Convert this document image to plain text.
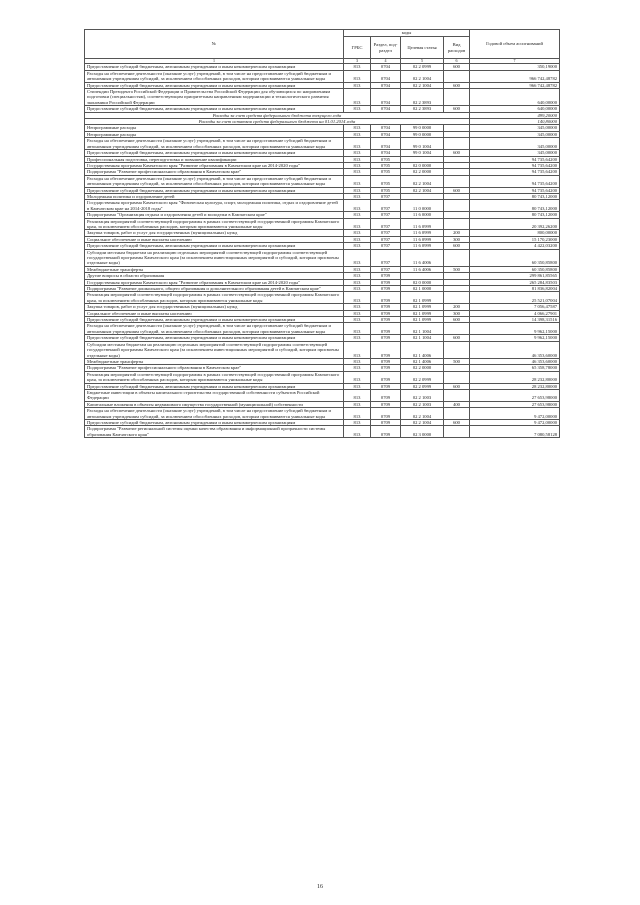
№	коды				Годовой объем ассигнований
	ГРБС	Раздел, под-раздел	Целевая статья	Вид расходов	
1	3	4	5	6	7
Предоставление субсидий бюджетным, автономным учреждениям и иным некоммерческим организациям	813	0704	02 2 0999	600	350,19000
Расходы на обеспечение деятельности (оказание услуг) учреждений, в том числе на предоставление субсидий бюджетным и автономным учреждениям субсидий, за исключением обособленных расходов, которым присваиваются уникальные коды	813	0704	02 2 1004		966 742,48782
Предоставление субсидий бюджетным, автономным учреждениям и иным некоммерческим организациям	813	0704	02 2 1004	600	966 742,48782
Стипендии Президента Российской Федерации и Правительства Российской Федерации для обучающихся по направлениям подготовки (специальностям), соответствующим приоритетным направлениям модернизации и технологического развития экономики Российской Федерации	813	0704	02 2 3893		640,00000
Предоставление субсидий бюджетным, автономным учреждениям и иным некоммерческим организациям	813	0704	02 2 3893	600	640,00000
Расходы за счет средств федерального бюджета текущего года					499,20000
Расходы за счет остатков средств федерального бюджета на 01.01.2014 года					140,80000
Непрограммные расходы	813	0704	99 0 0000		345,00000
Непрограммные расходы	813	0704	99 0 0000		345,00000
Расходы на обеспечение деятельности (оказание услуг) учреждений, в том числе на предоставление субсидий бюджетным и автономным учреждениям субсидий, за исключением обособленных расходов, которым присваиваются уникальные коды	813	0704	99 0 1004		345,00000
Предоставление субсидий бюджетным, автономным учреждениям и иным некоммерческим организациям	813	0704	99 0 1004	600	345,00000
Профессиональная подготовка, переподготовка и повышение квалификации	813	0705			94 735,64200
Государственная программа Камчатского края "Развитие образования в Камчатском крае на 2014-2020 годы"	813	0705	02 0 0000		94 735,64200
Подпрограмма "Развитие профессионального образования в Камчатском крае"	813	0705	02 2 0000		94 735,64200
Расходы на обеспечение деятельности (оказание услуг) учреждений, в том числе на предоставление субсидий бюджетным и автономным учреждениям субсидий, за исключением обособленных расходов, которым присваиваются уникальные коды	813	0705	02 2 1004		94 735,64200
Предоставление субсидий бюджетным, автономным учреждениям и иным некоммерческим организациям	813	0705	02 2 1004	600	94 735,64200
Молодежная политика и оздоровление детей	813	0707			80 743,12000
Государственная программа Камчатского края "Физическая культура, спорт, молодежная политика, отдых и оздоровление детей в Камчатском крае на 2014-2018 годы"	813	0707	11 0 0000		80 743,12000
Подпрограмма "Организация отдыха и оздоровления детей и молодежи в Камчатском крае"	813	0707	11 6 0000		80 743,12000
Реализация мероприятий соответствующей подпрограммы в рамках соответствующей государственной программы Камчатского края, за исключением обособленных расходов, которым присваиваются уникальные коды	813	0707	11 6 0999		20 392,26200
Закупка товаров, работ и услуг для государственных (муниципальных) нужд	813	0707	11 6 0999	200	800,00000
Социальное обеспечение и иные выплаты населению	813	0707	11 6 0999	300	15 170,23000
Предоставление субсидий бюджетным, автономным учреждениям и иным некоммерческим организациям	813	0707	11 6 0999	600	4 422,03200
Субсидии местным бюджетам на реализацию отдельных мероприятий соответствующей подпрограммы соответствующей государственной программы Камчатского края (за исключением инвестиционных мероприятий и субсидий, которым присвоены отдельные коды)	813	0707	11 6 4006		60 350,85800
Межбюджетные трансферты	813	0707	11 6 4006	500	60 350,85800
Другие вопросы в области образования	813	0709			299 861,85565
Государственная программа Камчатского края "Развитие образования в Камчатском крае на 2014-2020 годы"	813	0709	02 0 0000		265 284,83503
Подпрограмма "Развитие дошкольного, общего образования и дополнительного образования детей в Камчатском крае"	813	0709	02 1 0000		81 836,82004
Реализация мероприятий соответствующей подпрограммы в рамках соответствующей государственной программы Камчатского края, за исключением обособленных расходов, которым присваиваются уникальные коды	813	0709	02 1 0999		25 521,07004
Закупка товаров, работ и услуг для государственных (муниципальных) нужд	813	0709	02 1 0999	200	7 056,47587
Социальное обеспечение и иные выплаты населению	813	0709	02 1 0999	300	4 066,27901
Предоставление субсидий бюджетным, автономным учреждениям и иным некоммерческим организациям	813	0709	02 1 0999	600	14 398,31516
Расходы на обеспечение деятельности (оказание услуг) учреждений, в том числе на предоставление субсидий бюджетным и автономным учреждениям субсидий, за исключением обособленных расходов, которым присваиваются уникальные коды	813	0709	02 1 1004		9 962,15000
Предоставление субсидий бюджетным, автономным учреждениям и иным некоммерческим организациям	813	0709	02 1 1004	600	9 962,15000
Субсидии местным бюджетам на реализацию отдельных мероприятий соответствующей подпрограммы соответствующей государственной программы Камчатского края (за исключением инвестиционных мероприятий и субсидий, которым присвоены отдельные коды)	813	0709	02 1 4006		46 353,60000
Межбюджетные трансферты	813	0709	02 1 4006	500	46 353,60000
Подпрограмма "Развитие профессионального образования в Камчатском крае"	813	0709	02 2 0000		65 358,78000
Реализация мероприятий соответствующей подпрограммы в рамках соответствующей государственной программы Камчатского края, за исключением обособленных расходов, которым присваиваются уникальные коды	813	0709	02 2 0999		28 232,80000
Предоставление субсидий бюджетным, автономным учреждениям и иным некоммерческим организациям	813	0709	02 2 0999	600	28 232,80000
Бюджетные инвестиции в объекты капитального строительства государственной собственности субъектов Российской Федерации	813	0709	02 2 1003		27 653,98000
Капитальные вложения в объекты недвижимого имущества государственной (муниципальной) собственности	813	0709	02 2 1003	400	27 653,98000
Расходы на обеспечение деятельности (оказание услуг) учреждений, в том числе на предоставление субсидий бюджетным и автономным учреждениям субсидий, за исключением обособленных расходов, которым присваиваются уникальные коды	813	0709	02 2 1004		9 472,00000
Предоставление субсидий бюджетным, автономным учреждениям и иным некоммерческим организациям	813	0709	02 2 1004	600	9 472,00000
Подпрограмма "Развитие региональной системы оценки качества образования и информационной прозрачности системы образования Камчатского края"	813	0709	02 3 0000		7 080,58128
16
